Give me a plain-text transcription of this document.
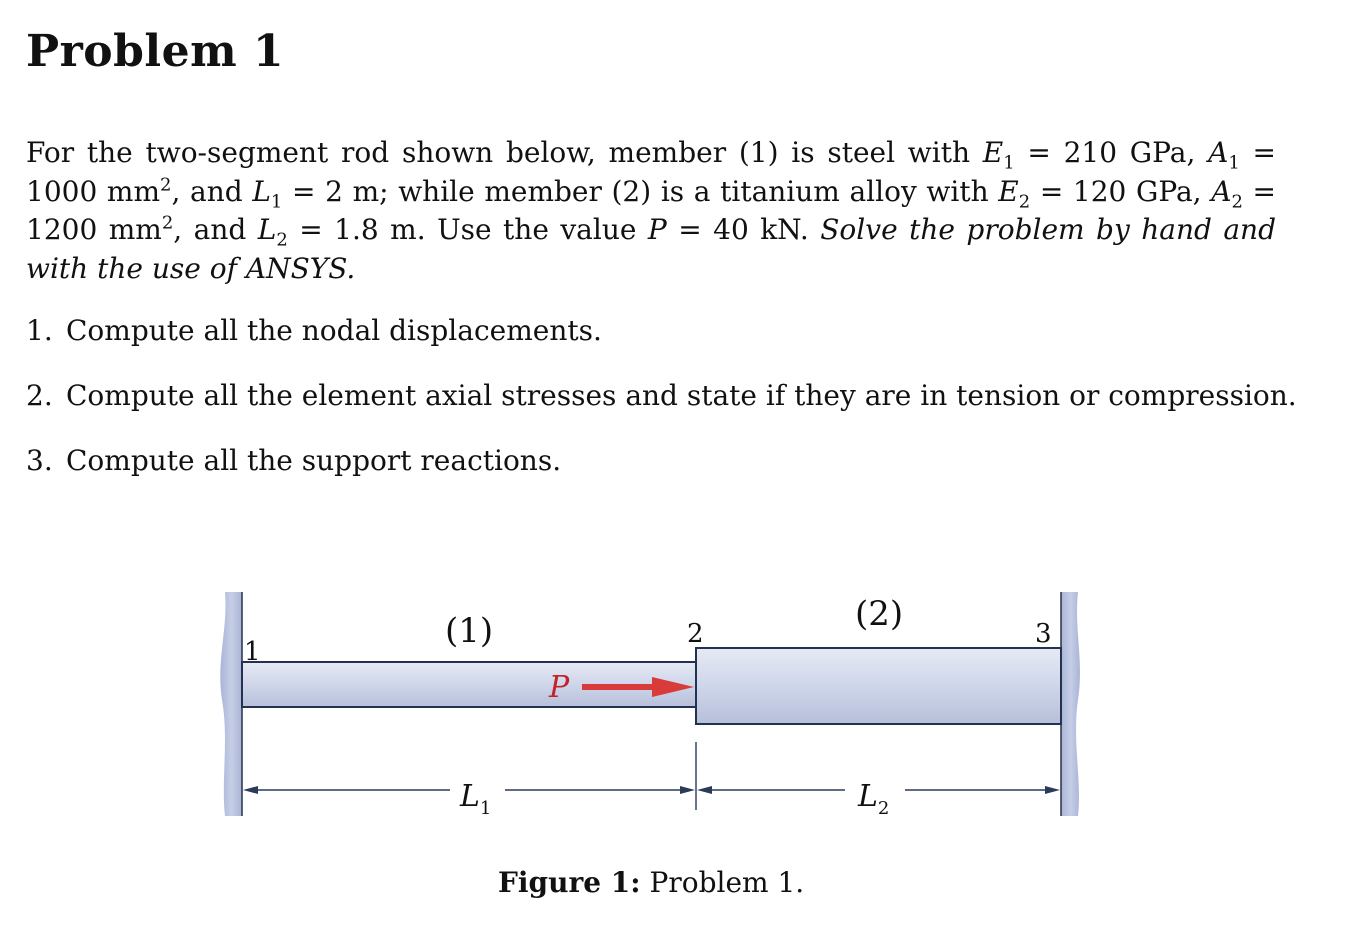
Problem 1
For the two-segment rod shown below, member (1) is steel with $E_1 = 210$ GPa, $A_1 = 1000$ $mm^2$, and $L_1 = 2$ m; while member (2) is a titanium alloy with $E_2 = 120$ GPa, $A_2 = 1200$ $mm^2$, and $L_2 = 1.8$ m. Use the value P = 40 kN. Solve the problem by hand and with the use of ANSYS.
1. Compute all the nodal displacements.
2. Compute all the element axial stresses and state if they are in tension or compression.
3. Compute all the support reactions.
1
2	3
(1)	(2)
P
$L_1$	$L_2$
Figure 1: Problem 1.
